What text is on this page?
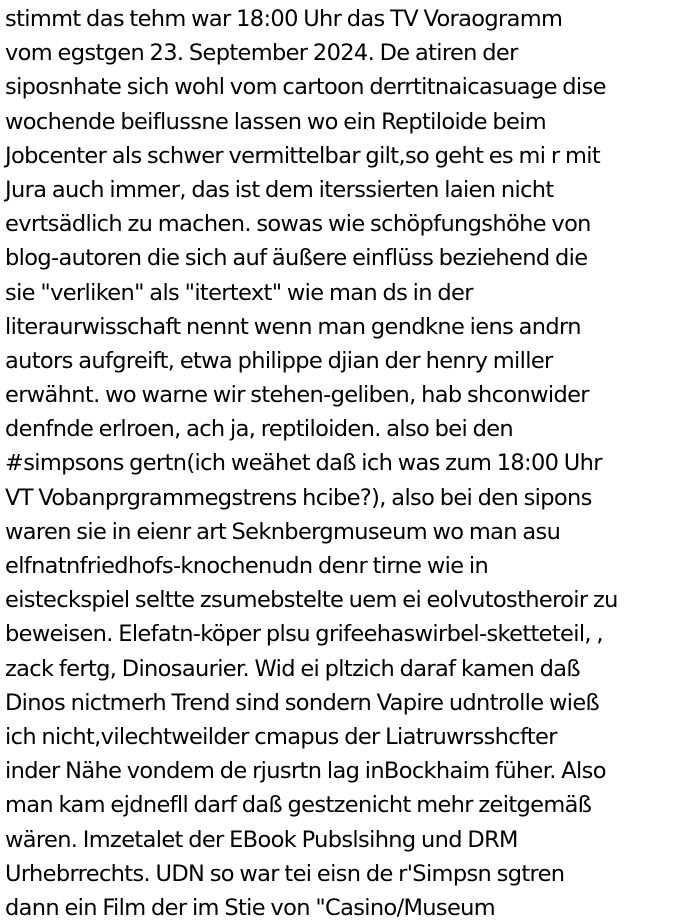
stimmt das tehm war 18:00 Uhr das TV Voraogramm
vom egstgen 23. September 2024. De atiren der
siposnhate sich wohl vom cartoon derrtitnaicasuage dise
wochende beiflussne lassen wo ein Reptiloide beim
Jobcenter als schwer vermittelbar gilt,so geht es mi r mit
Jura auch immer, das ist dem iterssierten laien nicht
evrtsädlich zu machen. sowas wie schöpfungshöhe von
blog-autoren die sich auf äußere einflüss beziehend die
sie "verliken" als "itertext" wie man ds in der
literaurwisschaft nennt wenn man gendkne iens andrn
autors aufgreift, etwa philippe djian der henry miller
erwähnt. wo warne wir stehen-geliben, hab shconwider
denfnde erlroen, ach ja, reptiloiden. also bei den
#simpsons gertn(ich weähet daß ich was zum 18:00 Uhr
VT Vobanprgrammegstrens hcibe?), also bei den sipons
waren sie in eienr art Seknbergmuseum wo man asu
elfnatnfriedhofs-knochenudn denr tirne wie in
eisteckspiel seltte zsumebstelte uem ei eolvutostheroir zu
beweisen. Elefatn-köper plsu grifeehaswirbel-sketteteil, ,
zack fertg, Dinosaurier. Wid ei pltzich daraf kamen daß
Dinos nictmerh Trend sind sondern Vapire udntrolle wieß
ich nicht,vilechtweilder cmapus der Liatruwrsshcfter
inder Nähe vondem de rjusrtn lag inBockhaim füher. Also
man kam ejdnefll darf daß gestzenicht mehr zeitgemäß
wären. Imzetalet der EBook Pubslsihng und DRM
Urhebrrechts. UDN so war tei eisn de r'Simpsn sgtren
dann ein Film der im Stie von "Casino/Museum
